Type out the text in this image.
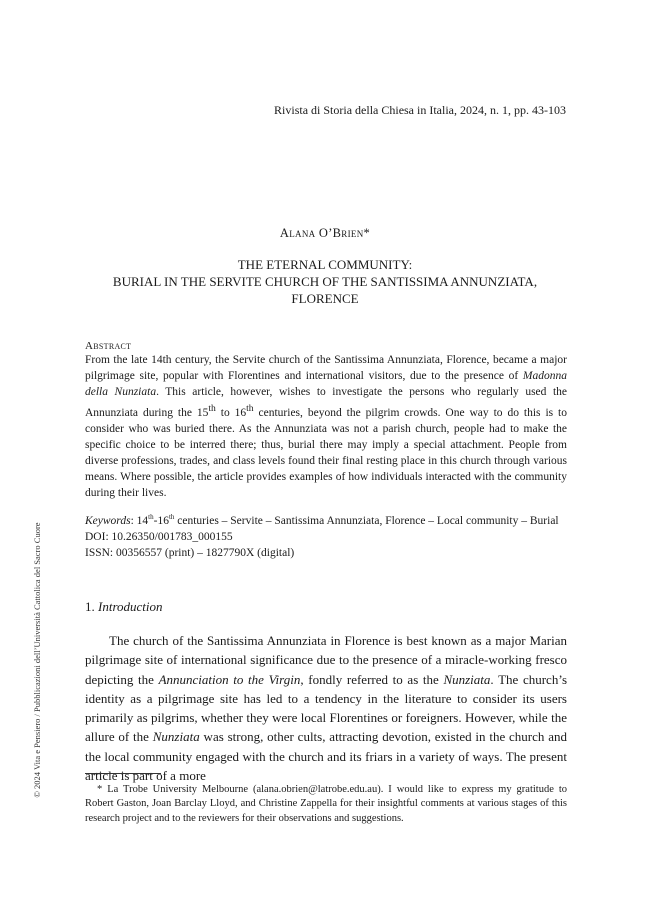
Rivista di Storia della Chiesa in Italia, 2024, n. 1, pp. 43-103
Alana O’Brien*
THE ETERNAL COMMUNITY:
BURIAL IN THE SERVITE CHURCH OF THE SANTISSIMA ANNUNZIATA,
FLORENCE
Abstract

From the late 14th century, the Servite church of the Santissima Annunziata, Florence, became a major pilgrimage site, popular with Florentines and international visitors, due to the presence of Madonna della Nunziata. This article, however, wishes to investigate the persons who regularly used the Annunziata during the 15th to 16th centuries, beyond the pilgrim crowds. One way to do this is to consider who was buried there. As the Annunziata was not a parish church, people had to make the specific choice to be interred there; thus, burial there may imply a special attachment. People from diverse professions, trades, and class levels found their final resting place in this church through various means. Where possible, the article provides examples of how individuals interacted with the community during their lives.

Keywords: 14th-16th centuries – Servite – Santissima Annunziata, Florence – Local community – Burial
DOI: 10.26350/001783_000155
ISSN: 00356557 (print) – 1827790X (digital)
1. Introduction

The church of the Santissima Annunziata in Florence is best known as a major Marian pilgrimage site of international significance due to the presence of a miracle-working fresco depicting the Annunciation to the Virgin, fondly referred to as the Nunziata. The church’s identity as a pilgrimage site has led to a tendency in the literature to consider its users primarily as pilgrims, whether they were local Florentines or foreigners. However, while the allure of the Nunziata was strong, other cults, attracting devotion, existed in the church and the local community engaged with the church and its friars in a variety of ways. The present article is part of a more

* La Trobe University Melbourne (alana.obrien@latrobe.edu.au). I would like to express my gratitude to Robert Gaston, Joan Barclay Lloyd, and Christine Zappella for their insightful comments at various stages of this research project and to the reviewers for their observations and suggestions.

© 2024 Vita e Pensiero / Pubblicazioni dell’Università Cattolica del Sacro Cuore
